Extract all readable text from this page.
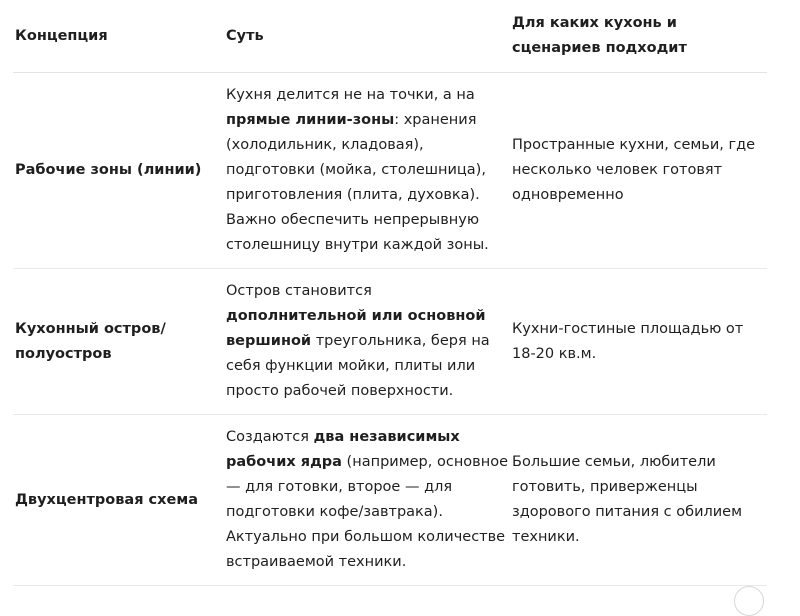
Концепция	Суть	Для каких кухонь и сценариев подходит
Рабочие зоны (линии)	Кухня делится не на точки, а на прямые линии-зоны: хранения (холодильник, кладовая), подготовки (мойка, столешница), приготовления (плита, духовка). Важно обеспечить непрерывную столешницу внутри каждой зоны.	Пространные кухни, семьи, где несколько человек готовят одновременно
Кухонный остров/полуостров	Остров становится дополнительной или основной вершиной треугольника, беря на себя функции мойки, плиты или просто рабочей поверхности.	Кухни-гостиные площадью от 18-20 кв.м.
Двухцентровая схема	Создаются два независимых рабочих ядра (например, основное — для готовки, второе — для подготовки кофе/завтрака). Актуально при большом количестве встраиваемой техники.	Большие семьи, любители готовить, приверженцы здорового питания с обилием техники.
